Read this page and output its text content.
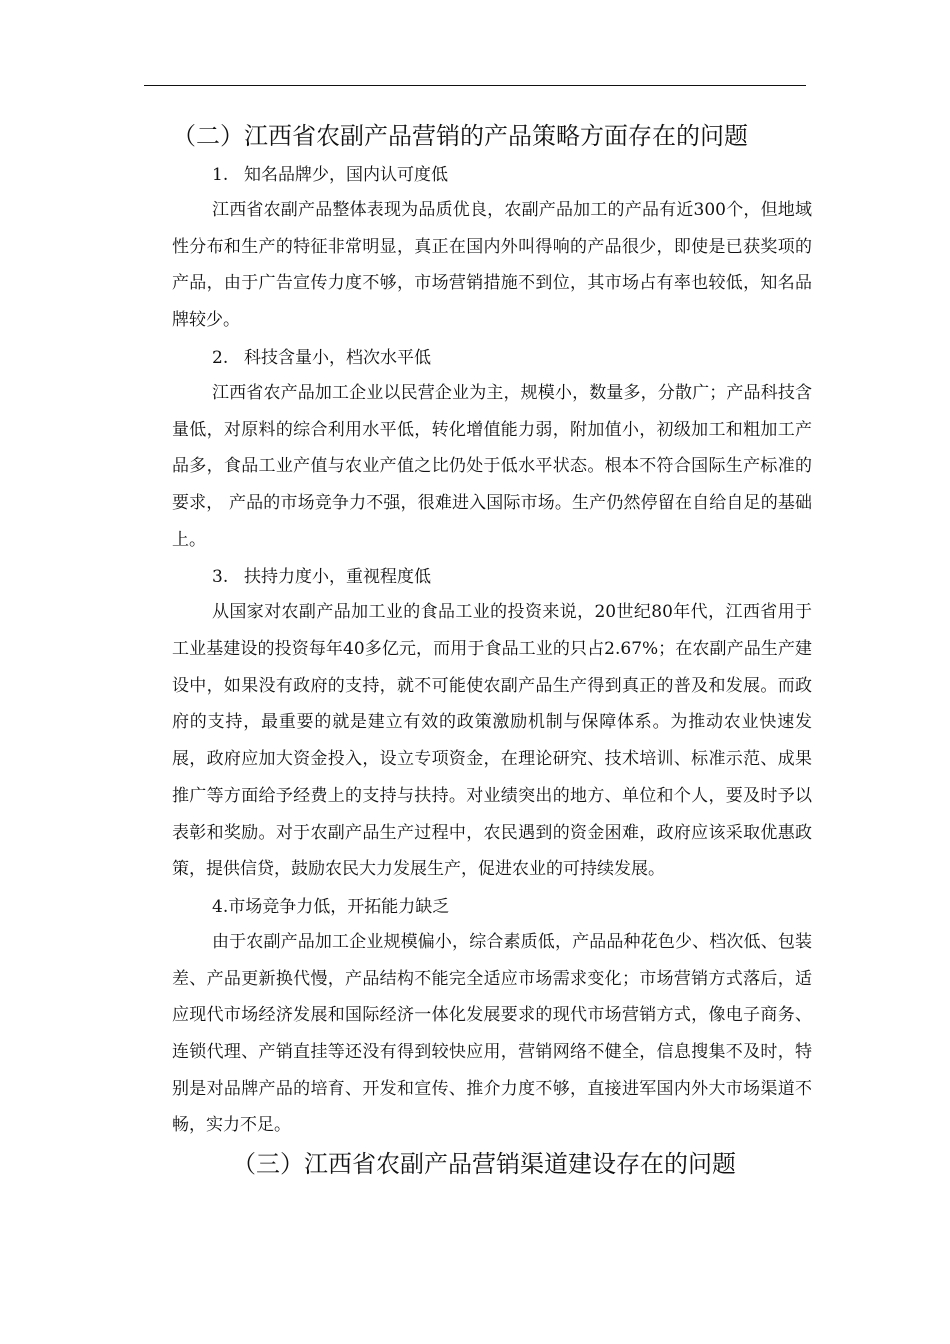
（二）江西省农副产品营销的产品策略方面存在的问题
1. 知名品牌少，国内认可度低

江西省农副产品整体表现为品质优良，农副产品加工的产品有近300个，但地域性分布和生产的特征非常明显，真正在国内外叫得响的产品很少，即使是已获奖项的产品，由于广告宣传力度不够，市场营销措施不到位，其市场占有率也较低，知名品牌较少。

2. 科技含量小，档次水平低

江西省农产品加工企业以民营企业为主，规模小，数量多，分散广；产品科技含量低，对原料的综合利用水平低，转化增值能力弱，附加值小，初级加工和粗加工产品多，食品工业产值与农业产值之比仍处于低水平状态。根本不符合国际生产标准的要求， 产品的市场竞争力不强，很难进入国际市场。生产仍然停留在自给自足的基础上。

3. 扶持力度小，重视程度低

从国家对农副产品加工业的食品工业的投资来说，20世纪80年代，江西省用于工业基建设的投资每年40多亿元，而用于食品工业的只占2.67%；在农副产品生产建设中，如果没有政府的支持，就不可能使农副产品生产得到真正的普及和发展。而政府的支持，最重要的就是建立有效的政策激励机制与保障体系。为推动农业快速发展，政府应加大资金投入，设立专项资金，在理论研究、技术培训、标准示范、成果推广等方面给予经费上的支持与扶持。对业绩突出的地方、单位和个人，要及时予以表彰和奖励。对于农副产品生产过程中，农民遇到的资金困难，政府应该采取优惠政策，提供信贷，鼓励农民大力发展生产，促进农业的可持续发展。

4.市场竞争力低，开拓能力缺乏

由于农副产品加工企业规模偏小，综合素质低，产品品种花色少、档次低、包装差、产品更新换代慢，产品结构不能完全适应市场需求变化；市场营销方式落后，适应现代市场经济发展和国际经济一体化发展要求的现代市场营销方式，像电子商务、连锁代理、产销直挂等还没有得到较快应用，营销网络不健全，信息搜集不及时，特别是对品牌产品的培育、开发和宣传、推介力度不够，直接进军国内外大市场渠道不畅，实力不足。

（三）江西省农副产品营销渠道建设存在的问题
